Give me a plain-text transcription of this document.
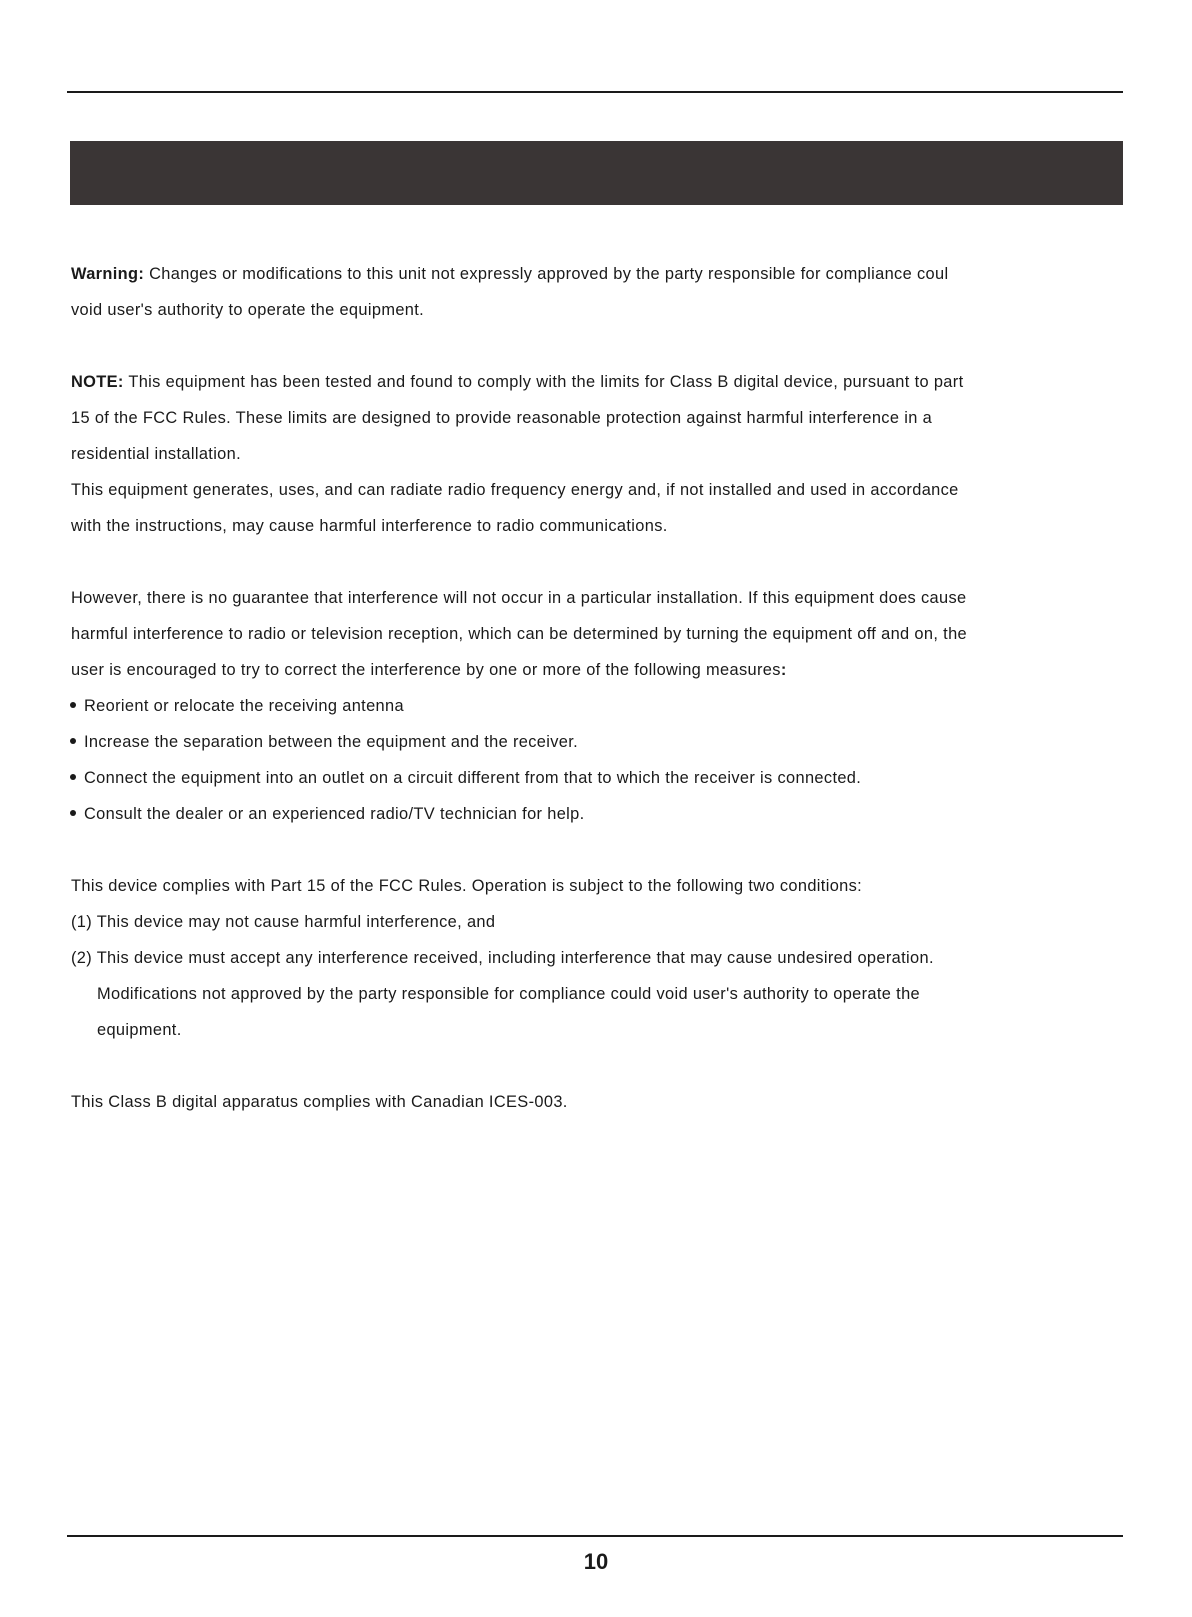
Warning: Changes or modifications to this unit not expressly approved by the party responsible for compliance coul

void user's authority to operate the equipment.

NOTE: This equipment has been tested and found to comply with the limits for Class B digital device, pursuant to part

15 of the FCC Rules. These limits are designed to provide reasonable protection against harmful interference in a

residential installation.

This equipment generates, uses, and can radiate radio frequency energy and, if not installed and used in accordance

with the instructions, may cause harmful interference to radio communications.

However, there is no guarantee that interference will not occur in a particular installation. If this equipment does cause

harmful interference to radio or television reception, which can be determined by turning the equipment off and on, the

user is encouraged to try to correct the interference by one or more of the following measures:

Reorient or relocate the receiving antenna

Increase the separation between the equipment and the receiver.

Connect the equipment into an outlet on a circuit different from that to which the receiver is connected.

Consult the dealer or an experienced radio/TV technician for help.

This device complies with Part 15 of the FCC Rules. Operation is subject to the following two conditions:

(1) This device may not cause harmful interference, and

(2) This device must accept any interference received, including interference that may cause undesired operation.

Modifications not approved by the party responsible for compliance could void user's authority to operate the

equipment.

This Class B digital apparatus complies with Canadian ICES-003.

10
